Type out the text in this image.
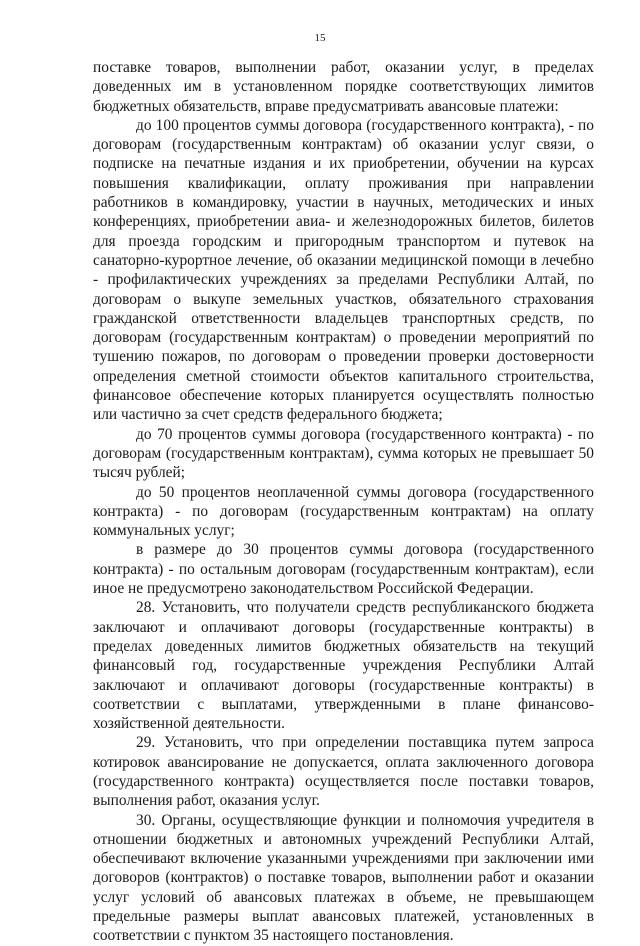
15

поставке товаров, выполнении работ, оказании услуг, в пределах доведенных им в установленном порядке соответствующих лимитов бюджетных обязательств, вправе предусматривать авансовые платежи:

до 100 процентов суммы договора (государственного контракта), - по договорам (государственным контрактам) об оказании услуг связи, о подписке на печатные издания и их приобретении, обучении на курсах повышения квалификации, оплату проживания при направлении работников в командировку, участии в научных, методических и иных конференциях, приобретении авиа- и железнодорожных билетов, билетов для проезда городским и пригородным транспортом и путевок на санаторно-курортное лечение, об оказании медицинской помощи в лечебно - профилактических учреждениях за пределами Республики Алтай, по договорам о выкупе земельных участков, обязательного страхования гражданской ответственности владельцев транспортных средств, по договорам (государственным контрактам) о проведении мероприятий по тушению пожаров, по договорам о проведении проверки достоверности определения сметной стоимости объектов капитального строительства, финансовое обеспечение которых планируется осуществлять полностью или частично за счет средств федерального бюджета;

до 70 процентов суммы договора (государственного контракта) - по договорам (государственным контрактам), сумма которых не превышает 50 тысяч рублей;

до 50 процентов неоплаченной суммы договора (государственного контракта) - по договорам (государственным контрактам) на оплату коммунальных услуг;

в размере до 30 процентов суммы договора (государственного контракта) - по остальным договорам (государственным контрактам), если иное не предусмотрено законодательством Российской Федерации.

28. Установить, что получатели средств республиканского бюджета заключают и оплачивают договоры (государственные контракты) в пределах доведенных лимитов бюджетных обязательств на текущий финансовый год, государственные учреждения Республики Алтай заключают и оплачивают договоры (государственные контракты) в соответствии с выплатами, утвержденными в плане финансово-хозяйственной деятельности.

29. Установить, что при определении поставщика путем запроса котировок авансирование не допускается, оплата заключенного договора (государственного контракта) осуществляется после поставки товаров, выполнения работ, оказания услуг.

30. Органы, осуществляющие функции и полномочия учредителя в отношении бюджетных и автономных учреждений Республики Алтай, обеспечивают включение указанными учреждениями при заключении ими договоров (контрактов) о поставке товаров, выполнении работ и оказании услуг условий об авансовых платежах в объеме, не превышающем предельные размеры выплат авансовых платежей, установленных в соответствии с пунктом 35 настоящего постановления.
